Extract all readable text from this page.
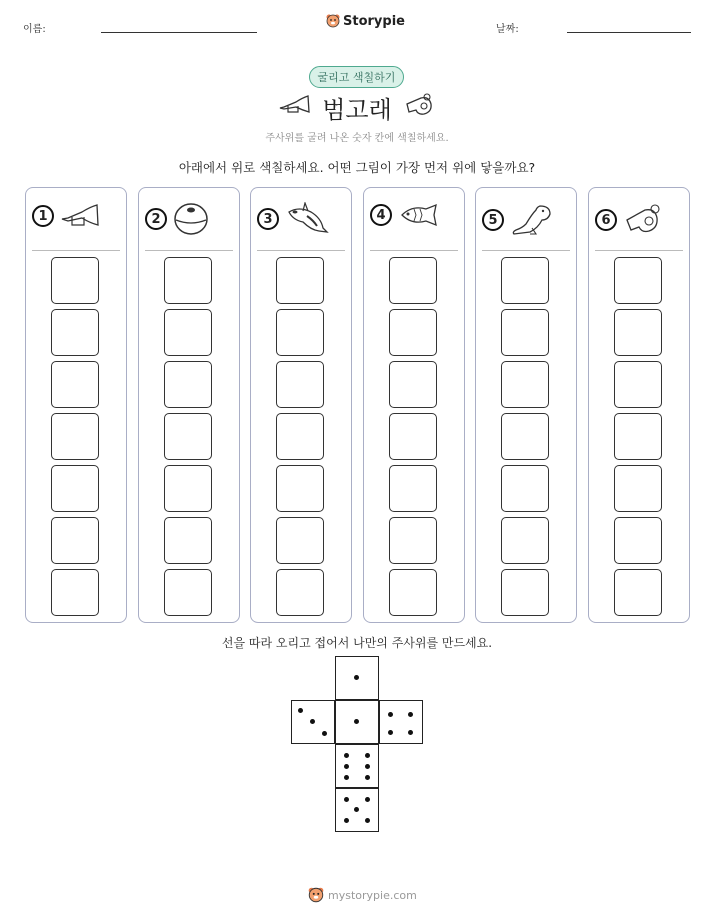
이름:
Storypie
날짜:
굴리고 색칠하기
범고래
주사위를 굴려 나온 숫자 칸에 색칠하세요.
아래에서 위로 색칠하세요. 어떤 그림이 가장 먼저 위에 닿을까요?
1	2	3	4	5	6
선을 따라 오리고 접어서 나만의 주사위를 만드세요.
mystorypie.com
